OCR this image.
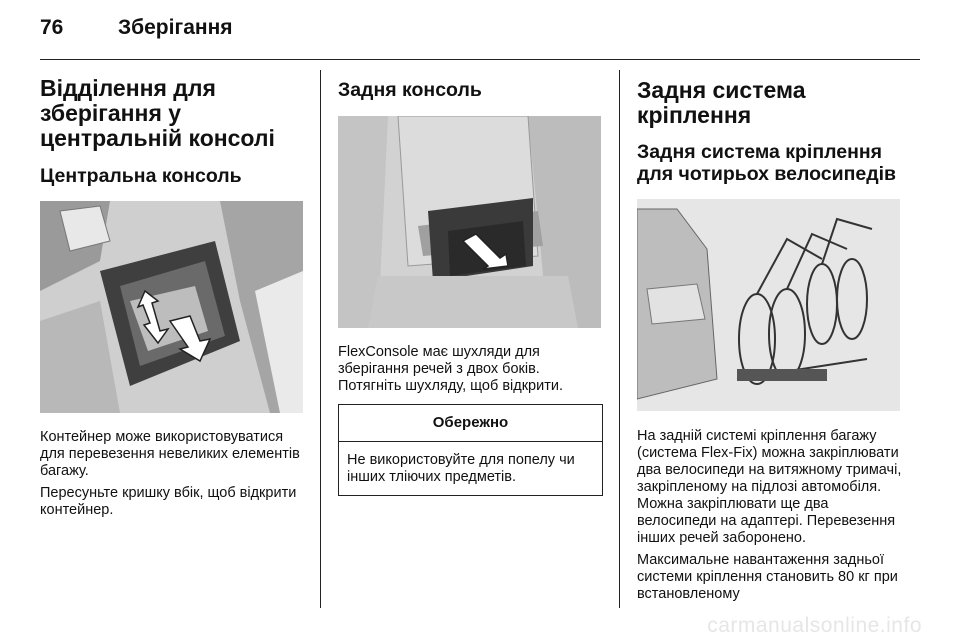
76	Зберігання
Відділення для зберігання у центральній консолі
Центральна консоль

Контейнер може використовуватися для перевезення невеликих елементів багажу.

Пересуньте кришку вбік, щоб відкрити контейнер.

Задня консоль

FlexConsole має шухляди для зберігання речей з двох боків. Потягніть шухляду, щоб відкрити.

Обережно
Не використовуйте для попелу чи інших тліючих предметів.
Задня система кріплення
Задня система кріплення для чотирьох велосипедів

На задній системі кріплення багажу (система Flex-Fix) можна закріплювати два велосипеди на витяжному тримачі, закріпленому на підлозі автомобіля. Можна закріплювати ще два велосипеди на адаптері. Перевезення інших речей заборонено.

Максимальне навантаження задньої системи кріплення становить 80 кг при встановленому

carmanualsonline.info
